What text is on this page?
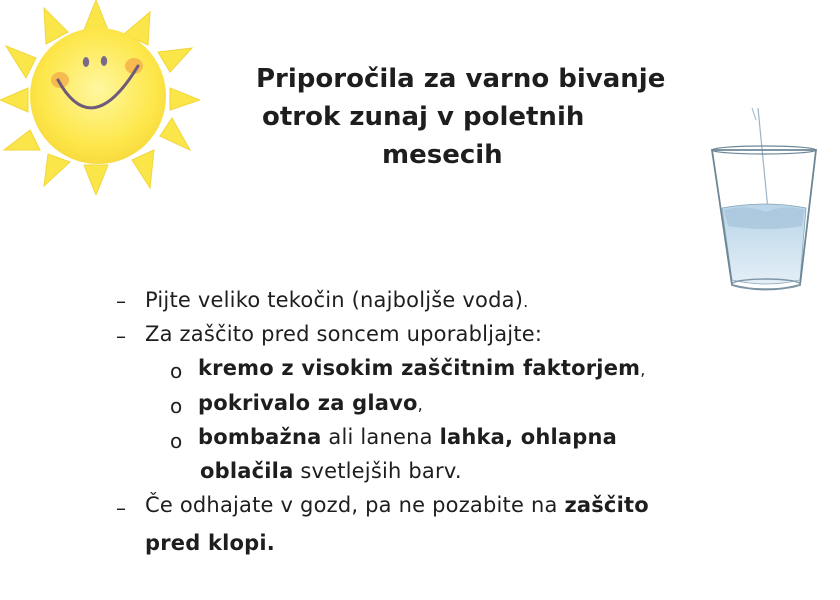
Priporočila za varno bivanje
otrok zunaj v poletnih
mesecih
– Pijte veliko tekočin (najboljše voda).
– Za zaščito pred soncem uporabljajte:
o kremo z visokim zaščitnim faktorjem,
o pokrivalo za glavo,
o bombažna ali lanena lahka, ohlapna
oblačila svetlejših barv.
– Če odhajate v gozd, pa ne pozabite na zaščito
pred klopi.
